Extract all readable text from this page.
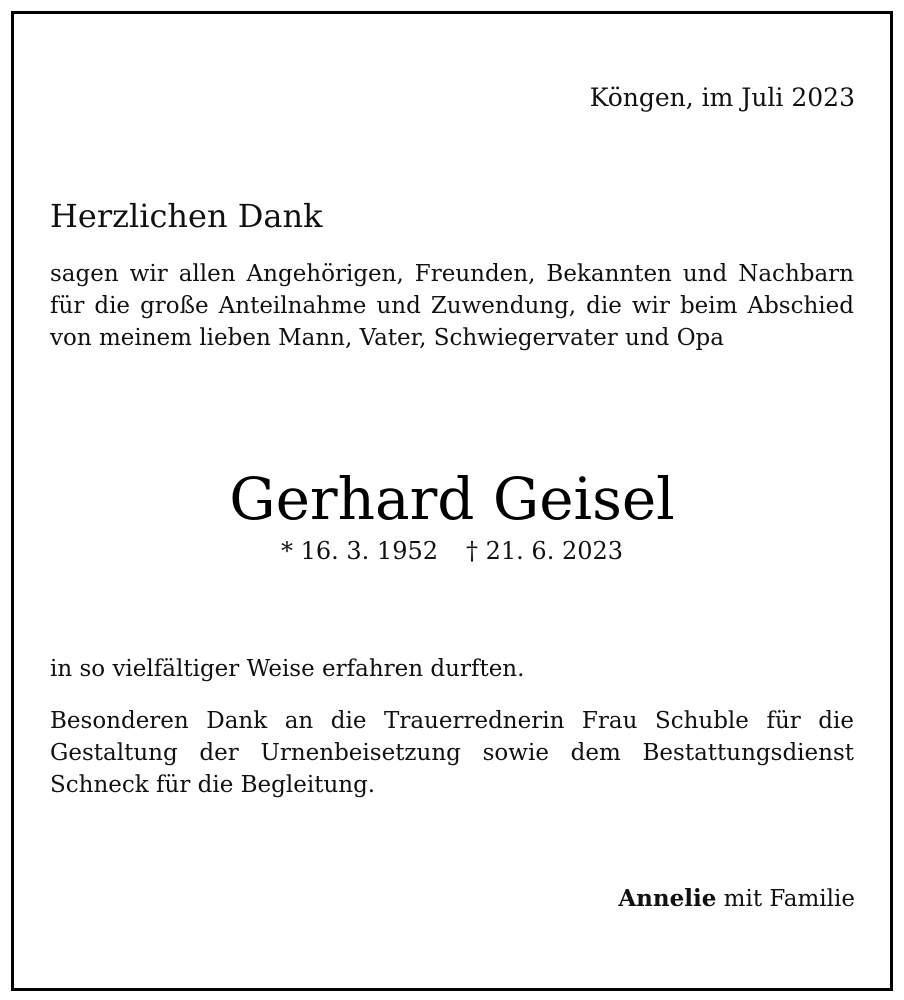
Köngen, im Juli 2023
Herzlichen Dank
sagen wir allen Angehörigen, Freunden, Bekannten und Nachbarn für die große Anteilnahme und Zuwendung, die wir beim Abschied von meinem lieben Mann, Vater, Schwiegervater und Opa
Gerhard Geisel
* 16. 3. 1952 † 21. 6. 2023
in so vielfältiger Weise erfahren durften.
Besonderen Dank an die Trauerrednerin Frau Schuble für die Gestaltung der Urnenbeisetzung sowie dem Bestattungsdienst Schneck für die Begleitung.
Annelie mit Familie
